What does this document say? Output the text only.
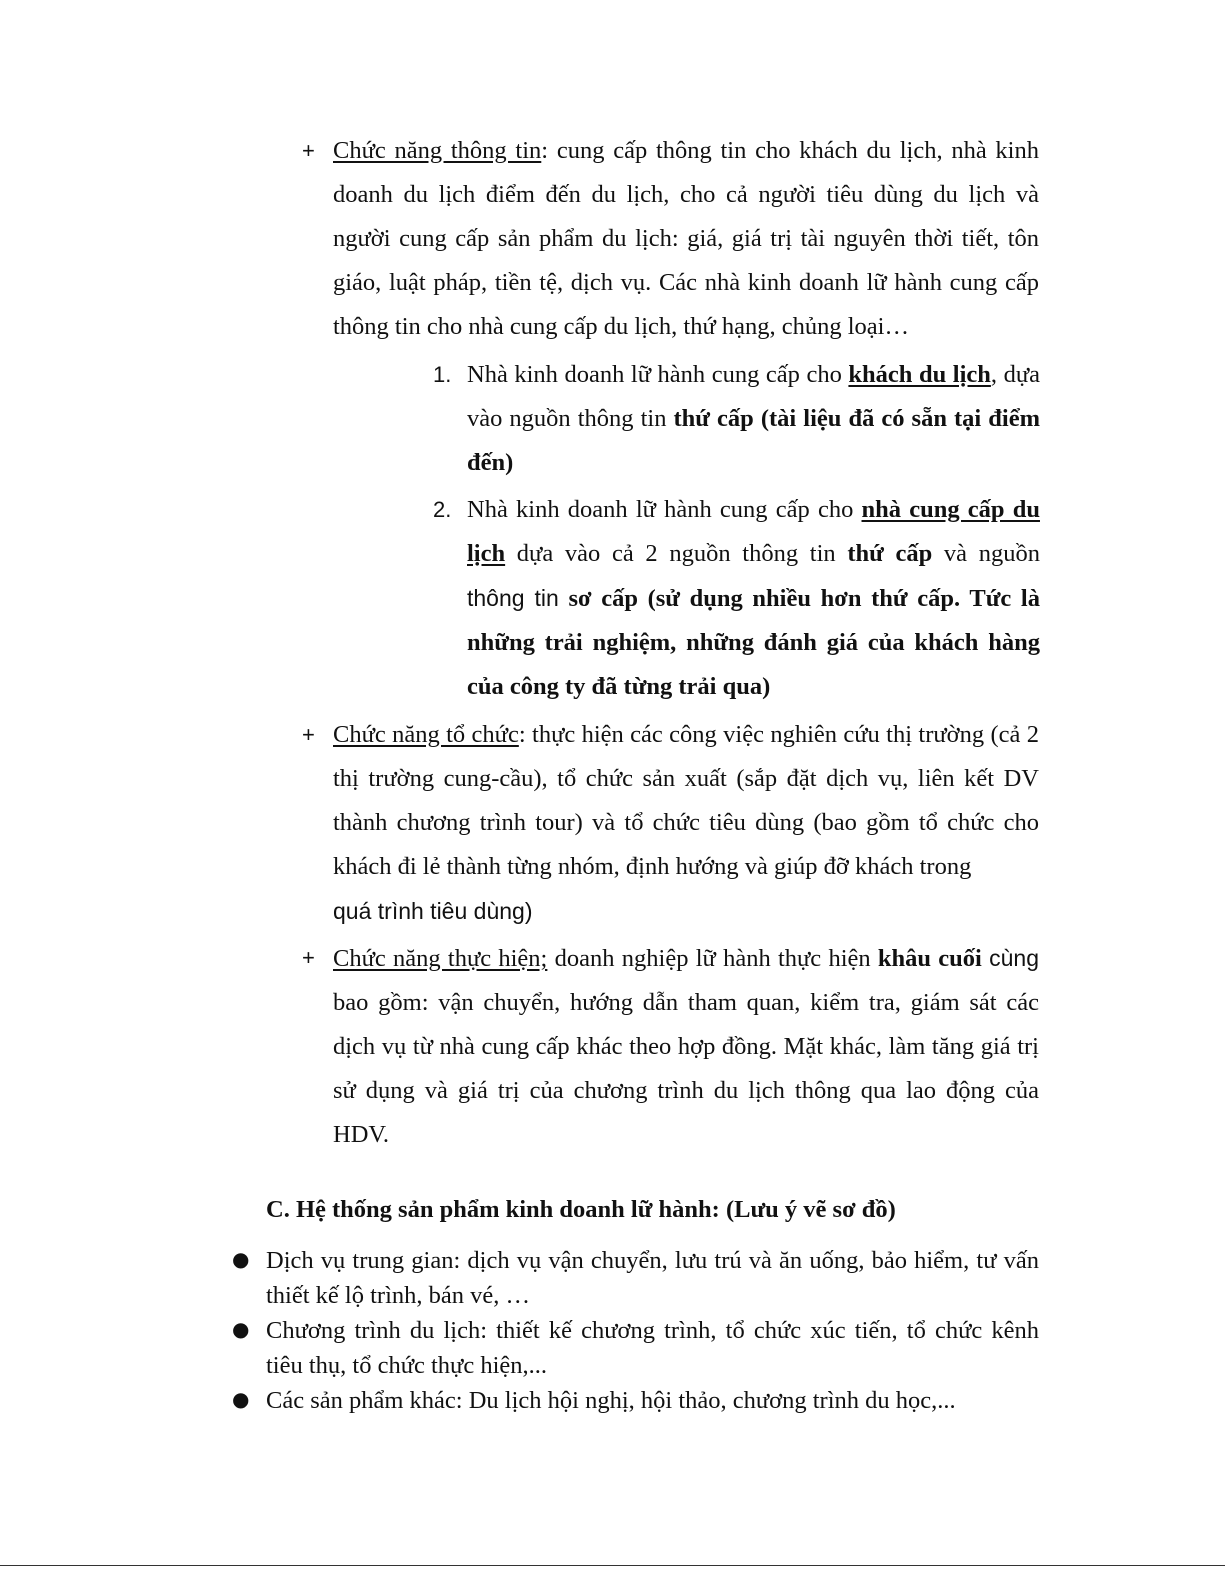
+ Chức năng thông tin: cung cấp thông tin cho khách du lịch, nhà kinh doanh du lịch điểm đến du lịch, cho cả người tiêu dùng du lịch và người cung cấp sản phẩm du lịch: giá, giá trị tài nguyên thời tiết, tôn giáo, luật pháp, tiền tệ, dịch vụ. Các nhà kinh doanh lữ hành cung cấp thông tin cho nhà cung cấp du lịch, thứ hạng, chủng loại…
1. Nhà kinh doanh lữ hành cung cấp cho khách du lịch, dựa vào nguồn thông tin thứ cấp (tài liệu đã có sẵn tại điểm đến)
2. Nhà kinh doanh lữ hành cung cấp cho nhà cung cấp du lịch dựa vào cả 2 nguồn thông tin thứ cấp và nguồn thông tin sơ cấp (sử dụng nhiều hơn thứ cấp. Tức là những trải nghiệm, những đánh giá của khách hàng của công ty đã từng trải qua)
+ Chức năng tổ chức: thực hiện các công việc nghiên cứu thị trường (cả 2 thị trường cung-cầu), tổ chức sản xuất (sắp đặt dịch vụ, liên kết DV thành chương trình tour) và tổ chức tiêu dùng (bao gồm tổ chức cho khách đi lẻ thành từng nhóm, định hướng và giúp đỡ khách trong
quá trình tiêu dùng)
+ Chức năng thực hiện; doanh nghiệp lữ hành thực hiện khâu cuối cùng bao gồm: vận chuyển, hướng dẫn tham quan, kiểm tra, giám sát các dịch vụ từ nhà cung cấp khác theo hợp đồng. Mặt khác, làm tăng giá trị sử dụng và giá trị của chương trình du lịch thông qua lao động của HDV.
C. Hệ thống sản phẩm kinh doanh lữ hành: (Lưu ý vẽ sơ đồ)
● Dịch vụ trung gian: dịch vụ vận chuyển, lưu trú và ăn uống, bảo hiểm, tư vấn thiết kế lộ trình, bán vé, …
● Chương trình du lịch: thiết kế chương trình, tổ chức xúc tiến, tổ chức kênh tiêu thụ, tổ chức thực hiện,...
● Các sản phẩm khác: Du lịch hội nghị, hội thảo, chương trình du học,...
